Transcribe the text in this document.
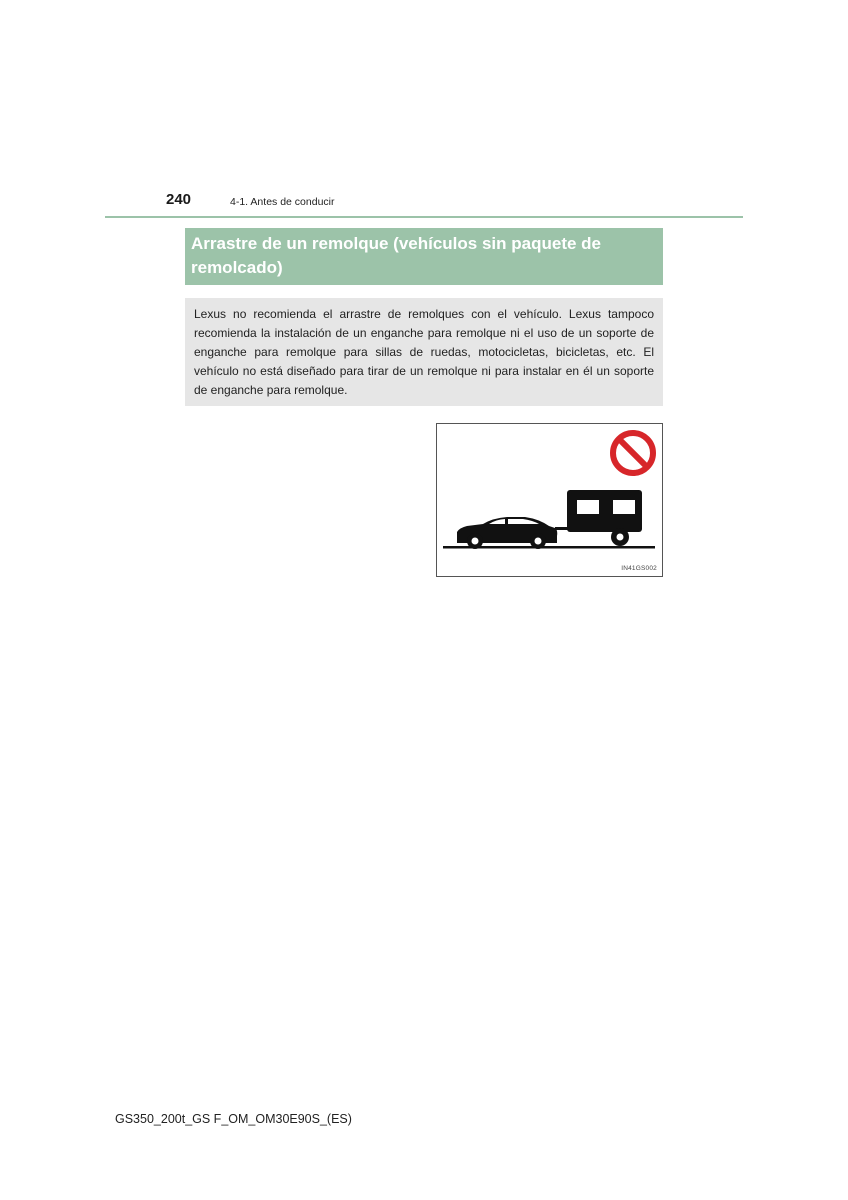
240	4-1. Antes de conducir
Arrastre de un remolque (vehículos sin paquete de remolcado)

Lexus no recomienda el arrastre de remolques con el vehículo. Lexus tampoco recomienda la instalación de un enganche para remolque ni el uso de un soporte de enganche para remolque para sillas de ruedas, motocicletas, bicicletas, etc. El vehículo no está diseñado para tirar de un remolque ni para instalar en él un soporte de enganche para remolque.

IN41GS002
GS350_200t_GS F_OM_OM30E90S_(ES)
